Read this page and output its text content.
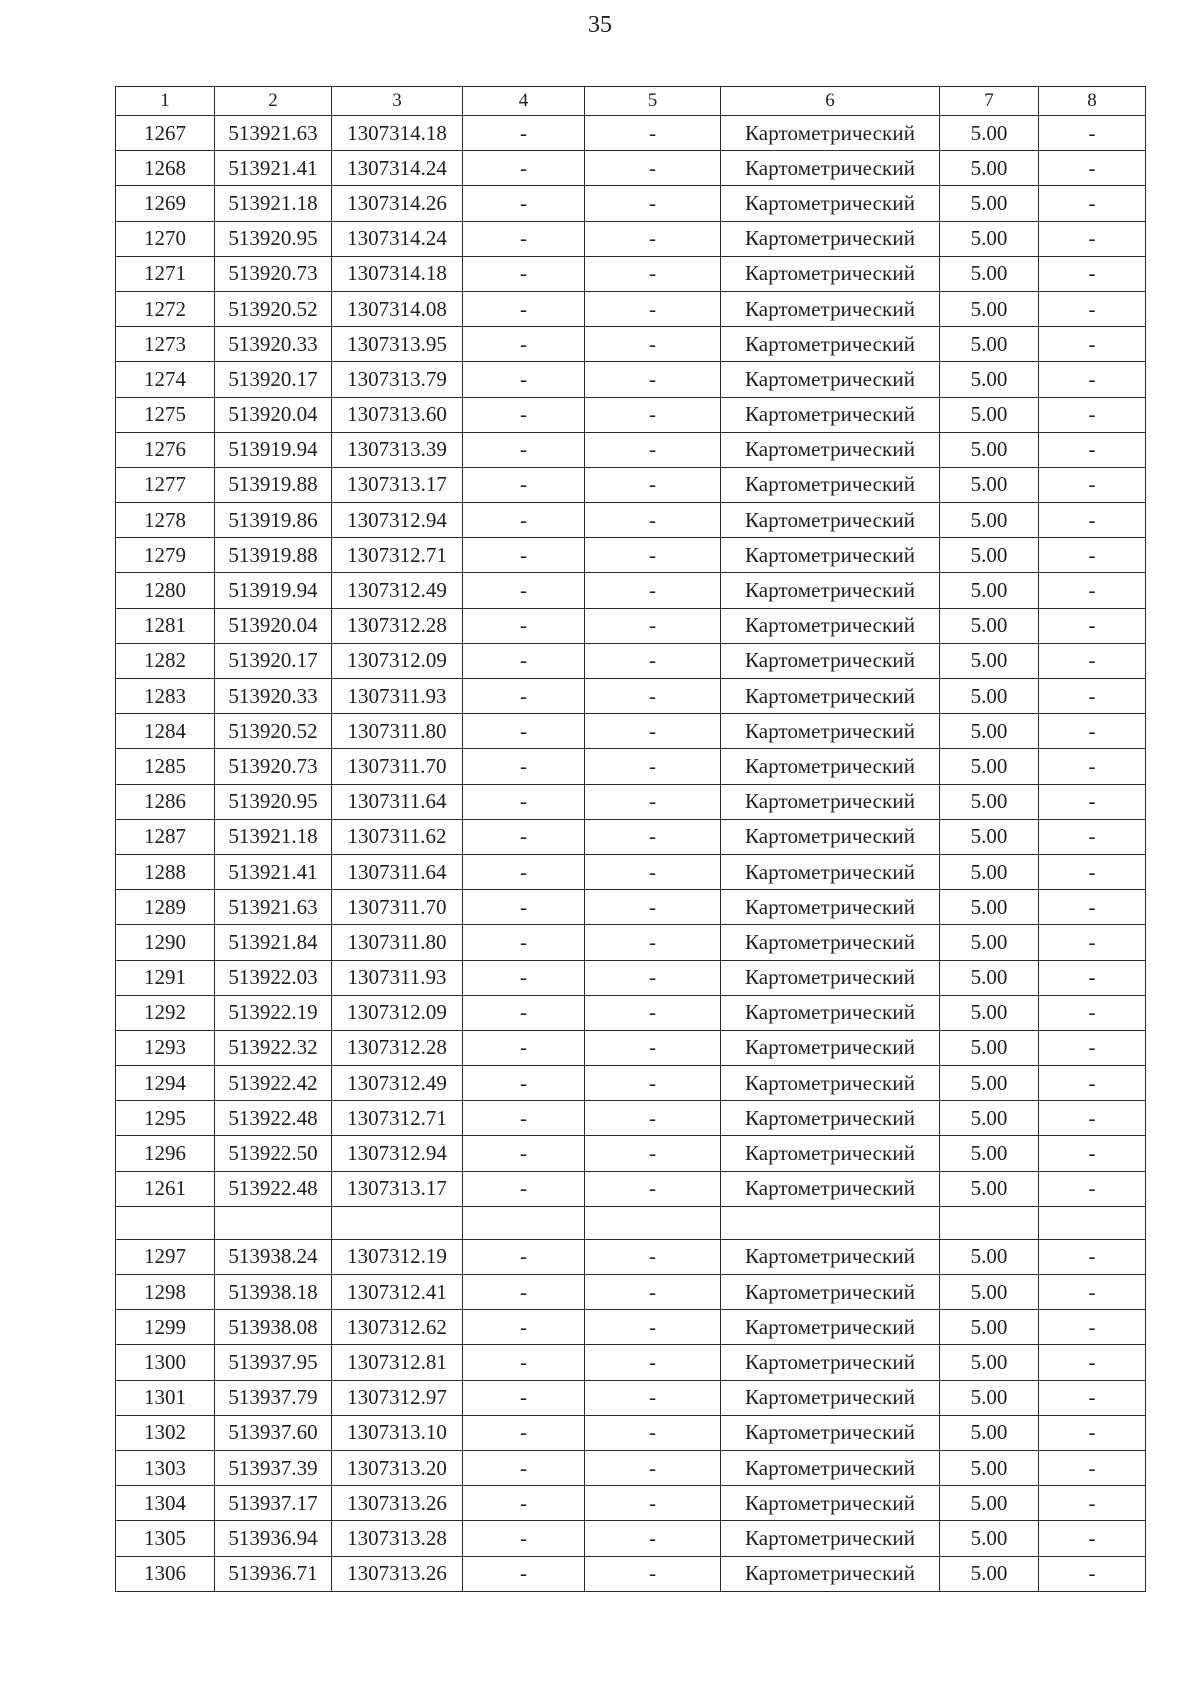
35
1	2	3	4	5	6	7	8
1267	513921.63	1307314.18	-	-	Картометрический	5.00	-
1268	513921.41	1307314.24	-	-	Картометрический	5.00	-
1269	513921.18	1307314.26	-	-	Картометрический	5.00	-
1270	513920.95	1307314.24	-	-	Картометрический	5.00	-
1271	513920.73	1307314.18	-	-	Картометрический	5.00	-
1272	513920.52	1307314.08	-	-	Картометрический	5.00	-
1273	513920.33	1307313.95	-	-	Картометрический	5.00	-
1274	513920.17	1307313.79	-	-	Картометрический	5.00	-
1275	513920.04	1307313.60	-	-	Картометрический	5.00	-
1276	513919.94	1307313.39	-	-	Картометрический	5.00	-
1277	513919.88	1307313.17	-	-	Картометрический	5.00	-
1278	513919.86	1307312.94	-	-	Картометрический	5.00	-
1279	513919.88	1307312.71	-	-	Картометрический	5.00	-
1280	513919.94	1307312.49	-	-	Картометрический	5.00	-
1281	513920.04	1307312.28	-	-	Картометрический	5.00	-
1282	513920.17	1307312.09	-	-	Картометрический	5.00	-
1283	513920.33	1307311.93	-	-	Картометрический	5.00	-
1284	513920.52	1307311.80	-	-	Картометрический	5.00	-
1285	513920.73	1307311.70	-	-	Картометрический	5.00	-
1286	513920.95	1307311.64	-	-	Картометрический	5.00	-
1287	513921.18	1307311.62	-	-	Картометрический	5.00	-
1288	513921.41	1307311.64	-	-	Картометрический	5.00	-
1289	513921.63	1307311.70	-	-	Картометрический	5.00	-
1290	513921.84	1307311.80	-	-	Картометрический	5.00	-
1291	513922.03	1307311.93	-	-	Картометрический	5.00	-
1292	513922.19	1307312.09	-	-	Картометрический	5.00	-
1293	513922.32	1307312.28	-	-	Картометрический	5.00	-
1294	513922.42	1307312.49	-	-	Картометрический	5.00	-
1295	513922.48	1307312.71	-	-	Картометрический	5.00	-
1296	513922.50	1307312.94	-	-	Картометрический	5.00	-
1261	513922.48	1307313.17	-	-	Картометрический	5.00	-

1297	513938.24	1307312.19	-	-	Картометрический	5.00	-
1298	513938.18	1307312.41	-	-	Картометрический	5.00	-
1299	513938.08	1307312.62	-	-	Картометрический	5.00	-
1300	513937.95	1307312.81	-	-	Картометрический	5.00	-
1301	513937.79	1307312.97	-	-	Картометрический	5.00	-
1302	513937.60	1307313.10	-	-	Картометрический	5.00	-
1303	513937.39	1307313.20	-	-	Картометрический	5.00	-
1304	513937.17	1307313.26	-	-	Картометрический	5.00	-
1305	513936.94	1307313.28	-	-	Картометрический	5.00	-
1306	513936.71	1307313.26	-	-	Картометрический	5.00	-
